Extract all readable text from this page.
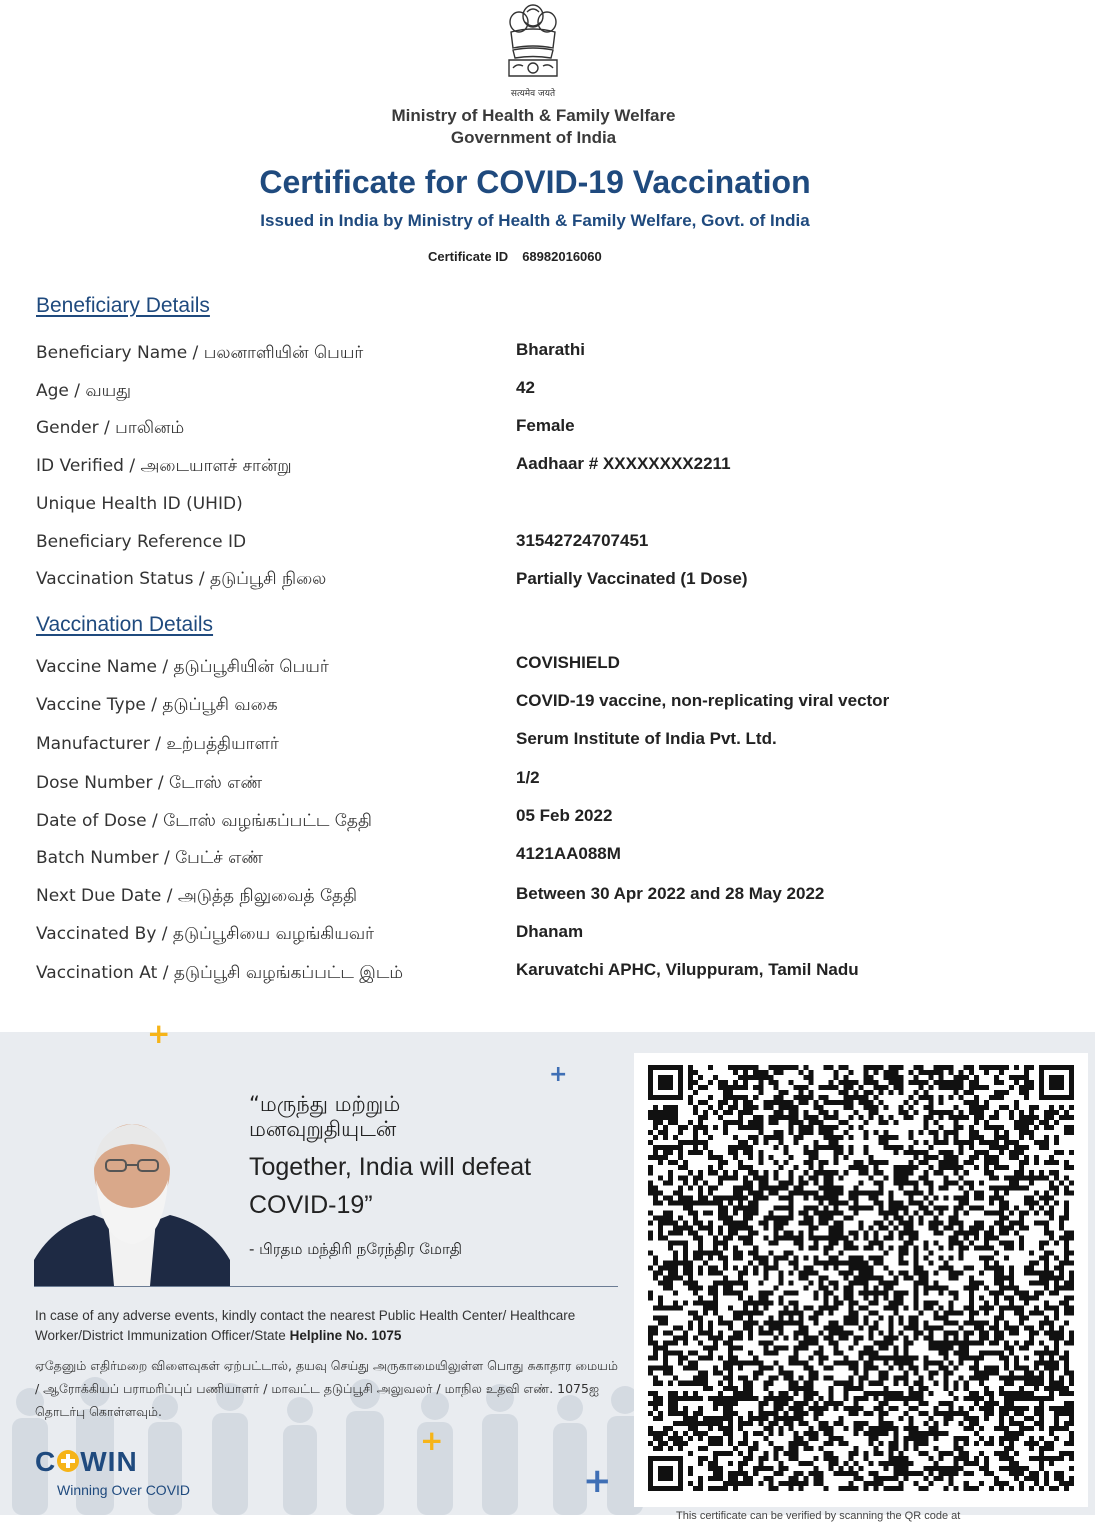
सत्यमेव जयते
Ministry of Health & Family Welfare
Government of India
Certificate for COVID-19 Vaccination
Issued in India by Ministry of Health & Family Welfare, Govt. of India
Certificate ID 68982016060
Beneficiary Details
Beneficiary Name / பலனாளியின் பெயர்	Bharathi
Age / வயது	42
Gender / பாலினம்	Female
ID Verified / அடையாளச் சான்று	Aadhaar # XXXXXXXX2211
Unique Health ID (UHID)
Beneficiary Reference ID	31542724707451
Vaccination Status / தடுப்பூசி நிலை	Partially Vaccinated (1 Dose)
Vaccination Details
Vaccine Name / தடுப்பூசியின் பெயர்	COVISHIELD
Vaccine Type / தடுப்பூசி வகை	COVID-19 vaccine, non-replicating viral vector
Manufacturer / உற்பத்தியாளர்	Serum Institute of India Pvt. Ltd.
Dose Number / டோஸ் எண்	1/2
Date of Dose / டோஸ் வழங்கப்பட்ட தேதி	05 Feb 2022
Batch Number / பேட்ச் எண்	4121AA088M
Next Due Date / அடுத்த நிலுவைத் தேதி	Between 30 Apr 2022 and 28 May 2022
Vaccinated By / தடுப்பூசியை வழங்கியவர்	Dhanam
Vaccination At / தடுப்பூசி வழங்கப்பட்ட இடம்	Karuvatchi APHC, Viluppuram, Tamil Nadu
+
+
+
+
“மருந்து மற்றும்
மனவுறுதியுடன்
Together, India will defeat COVID-19”
- பிரதம மந்திரி நரேந்திர மோதி
In case of any adverse events, kindly contact the nearest Public Health Center/ Healthcare Worker/District Immunization Officer/State Helpline No. 1075
ஏதேனும் எதிர்மறை விளைவுகள் ஏற்பட்டால், தயவு செய்து அருகாமையிலுள்ள பொது சுகாதார மையம் / ஆரோக்கியப் பராமரிப்புப் பணியாளர் / மாவட்ட தடுப்பூசி அலுவலர் / மாநில உதவி எண். 1075ஐ தொடர்பு கொள்ளவும்.
C WIN
Winning Over COVID
This certificate can be verified by scanning the QR code at
